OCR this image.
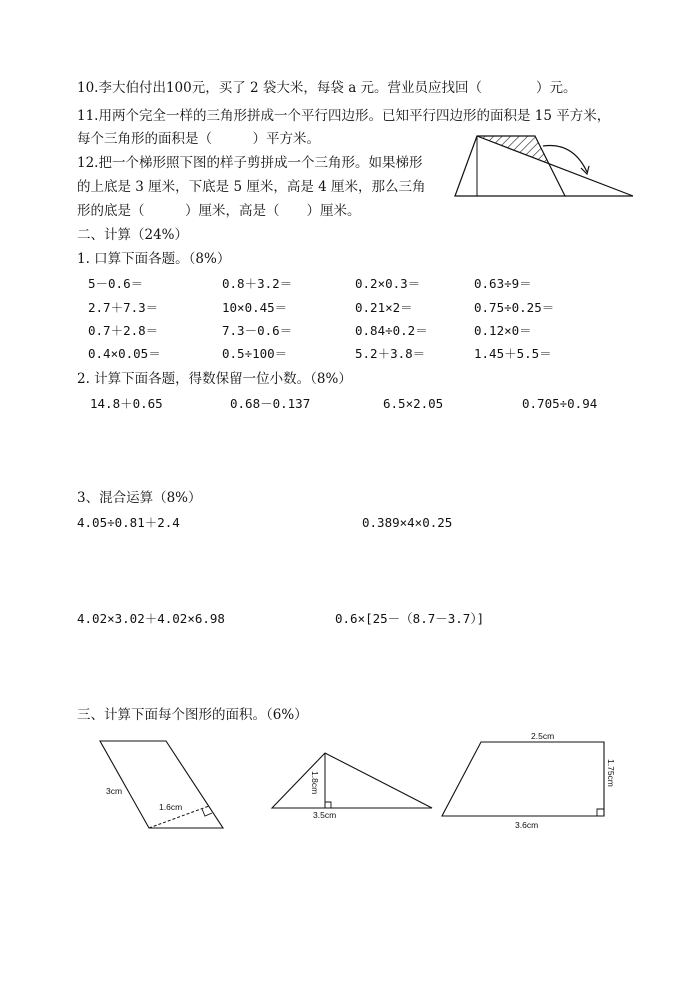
10.李大伯付出100元，买了 2 袋大米，每袋 a 元。营业员应找回（　　　　）元。
11.用两个完全一样的三角形拼成一个平行四边形。已知平行四边形的面积是 15 平方米，
每个三角形的面积是（　　　）平方米。
12.把一个梯形照下图的样子剪拼成一个三角形。如果梯形
的上底是 3 厘米，下底是 5 厘米，高是 4 厘米，那么三角
形的底是（　　　）厘米，高是（　　）厘米。
二、计算（24%）
1. 口算下面各题。（8%）
5－0.6＝	0.8＋3.2＝	0.2×0.3＝	0.63÷9＝
2.7＋7.3＝	10×0.45＝	0.21×2＝	0.75÷0.25＝
0.7＋2.8＝	7.3－0.6＝	0.84÷0.2＝	0.12×0＝
0.4×0.05＝	0.5÷100＝	5.2＋3.8＝	1.45＋5.5＝
2. 计算下面各题，得数保留一位小数。（8%）
14.8＋0.65	0.68－0.137	6.5×2.05	0.705÷0.94
3、混合运算（8%）
4.05÷0.81＋2.4	0.389×4×0.25
4.02×3.02＋4.02×6.98	0.6×[25－（8.7－3.7）]
三、计算下面每个图形的面积。（6%）
3cm
1.6cm
1.8cm
3.5cm
2.5cm
1.75cm
3.6cm
